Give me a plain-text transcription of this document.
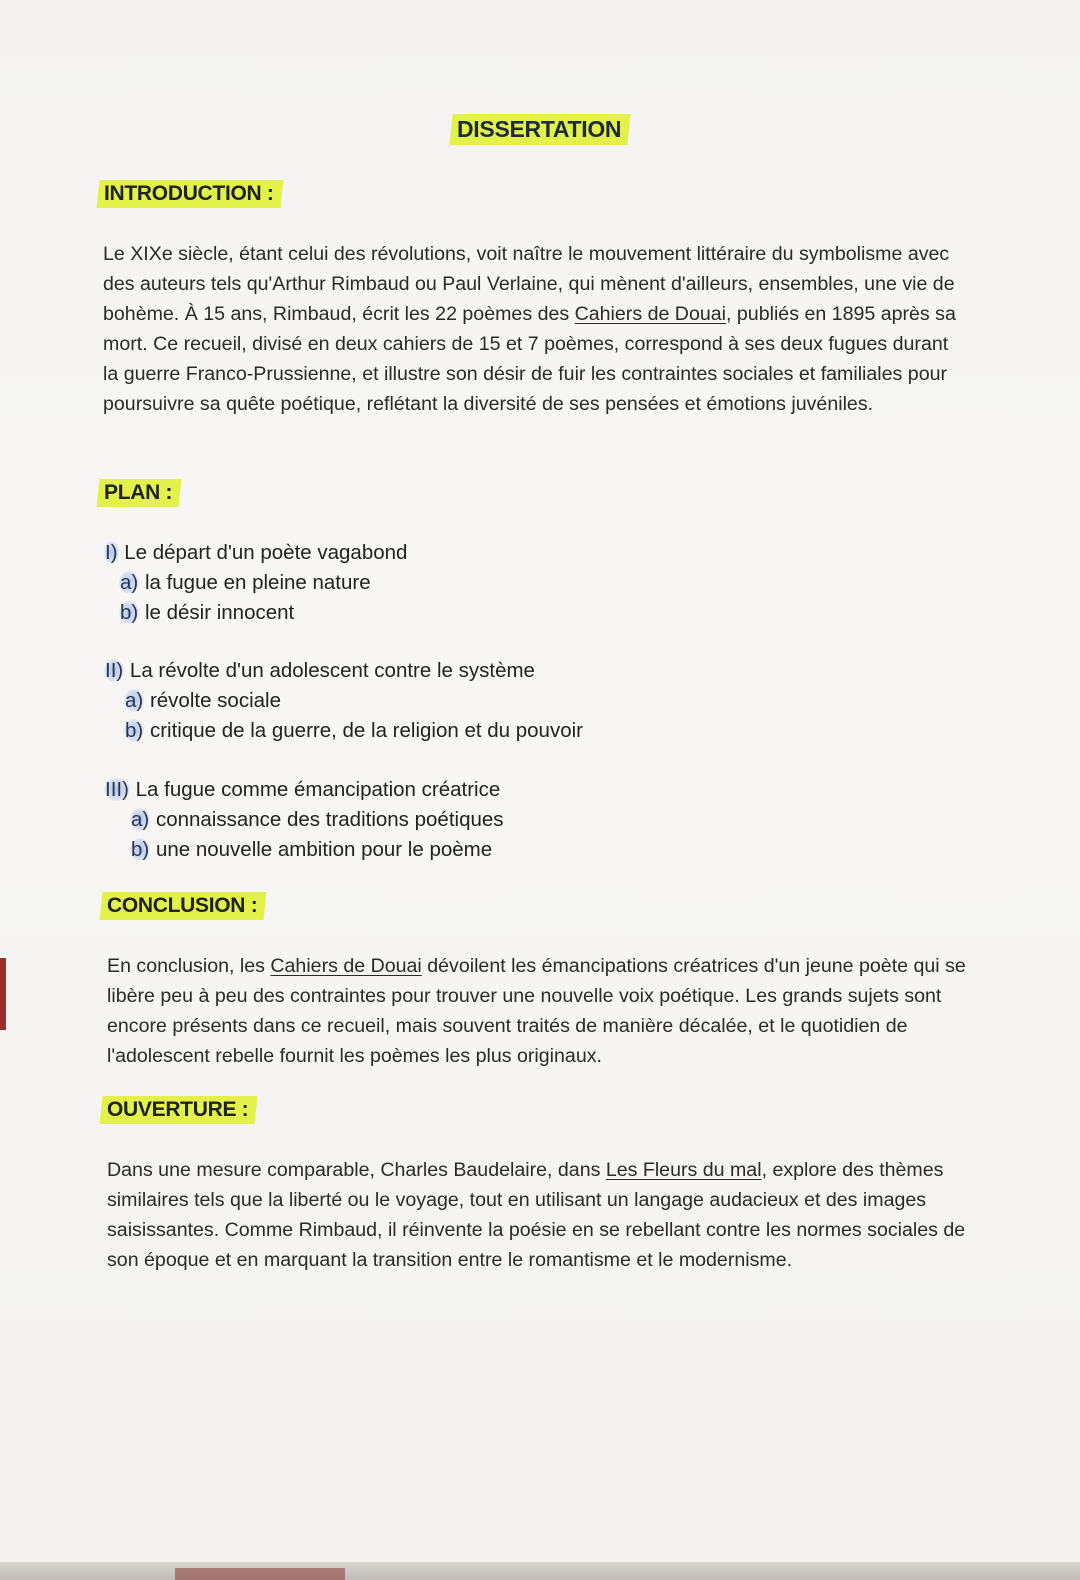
DISSERTATION
INTRODUCTION :

Le XIXe siècle, étant celui des révolutions, voit naître le mouvement littéraire du symbolisme avec des auteurs tels qu'Arthur Rimbaud ou Paul Verlaine, qui mènent d'ailleurs, ensembles, une vie de bohème. À 15 ans, Rimbaud, écrit les 22 poèmes des Cahiers de Douai, publiés en 1895 après sa mort. Ce recueil, divisé en deux cahiers de 15 et 7 poèmes, correspond à ses deux fugues durant la guerre Franco-Prussienne, et illustre son désir de fuir les contraintes sociales et familiales pour poursuivre sa quête poétique, reflétant la diversité de ses pensées et émotions juvéniles.

PLAN :
I) Le départ d'un poète vagabond
a) la fugue en pleine nature
b) le désir innocent
II) La révolte d'un adolescent contre le système
a) révolte sociale
b) critique de la guerre, de la religion et du pouvoir
III) La fugue comme émancipation créatrice
a) connaissance des traditions poétiques
b) une nouvelle ambition pour le poème
CONCLUSION :

En conclusion, les Cahiers de Douai dévoilent les émancipations créatrices d'un jeune poète qui se libère peu à peu des contraintes pour trouver une nouvelle voix poétique. Les grands sujets sont encore présents dans ce recueil, mais souvent traités de manière décalée, et le quotidien de l'adolescent rebelle fournit les poèmes les plus originaux.

OUVERTURE :

Dans une mesure comparable, Charles Baudelaire, dans Les Fleurs du mal, explore des thèmes similaires tels que la liberté ou le voyage, tout en utilisant un langage audacieux et des images saisissantes. Comme Rimbaud, il réinvente la poésie en se rebellant contre les normes sociales de son époque et en marquant la transition entre le romantisme et le modernisme.
